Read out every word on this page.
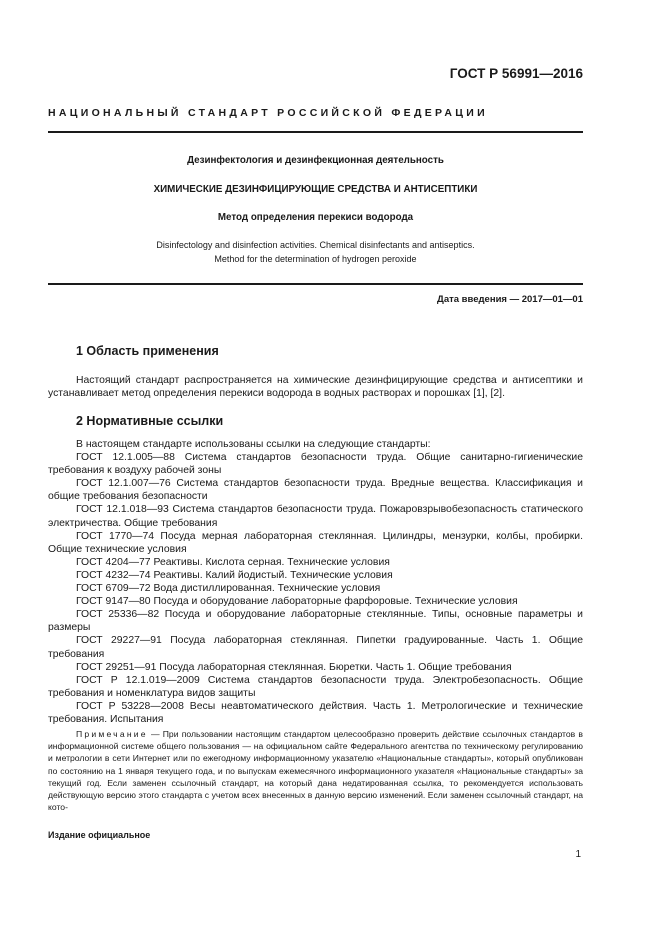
ГОСТ Р 56991—2016
НАЦИОНАЛЬНЫЙ СТАНДАРТ РОССИЙСКОЙ ФЕДЕРАЦИИ
Дезинфектология и дезинфекционная деятельность
ХИМИЧЕСКИЕ ДЕЗИНФИЦИРУЮЩИЕ СРЕДСТВА И АНТИСЕПТИКИ
Метод определения перекиси водорода
Disinfectology and disinfection activities. Chemical disinfectants and antiseptics.
Method for the determination of hydrogen peroxide
Дата введения — 2017—01—01
1 Область применения

Настоящий стандарт распространяется на химические дезинфицирующие средства и антисептики и устанавливает метод определения перекиси водорода в водных растворах и порошках [1], [2].

2 Нормативные ссылки

В настоящем стандарте использованы ссылки на следующие стандарты:

ГОСТ 12.1.005—88 Система стандартов безопасности труда. Общие санитарно-гигиенические требования к воздуху рабочей зоны

ГОСТ 12.1.007—76 Система стандартов безопасности труда. Вредные вещества. Классификация и общие требования безопасности

ГОСТ 12.1.018—93 Система стандартов безопасности труда. Пожаровзрывобезопасность статического электричества. Общие требования

ГОСТ 1770—74 Посуда мерная лабораторная стеклянная. Цилиндры, мензурки, колбы, пробирки. Общие технические условия

ГОСТ 4204—77 Реактивы. Кислота серная. Технические условия

ГОСТ 4232—74 Реактивы. Калий йодистый. Технические условия

ГОСТ 6709—72 Вода дистиллированная. Технические условия

ГОСТ 9147—80 Посуда и оборудование лабораторные фарфоровые. Технические условия

ГОСТ 25336—82 Посуда и оборудование лабораторные стеклянные. Типы, основные параметры и размеры

ГОСТ 29227—91 Посуда лабораторная стеклянная. Пипетки градуированные. Часть 1. Общие требования

ГОСТ 29251—91 Посуда лабораторная стеклянная. Бюретки. Часть 1. Общие требования

ГОСТ Р 12.1.019—2009 Система стандартов безопасности труда. Электробезопасность. Общие требования и номенклатура видов защиты

ГОСТ Р 53228—2008 Весы неавтоматического действия. Часть 1. Метрологические и технические требования. Испытания

Примечание — При пользовании настоящим стандартом целесообразно проверить действие ссылочных стандартов в информационной системе общего пользования — на официальном сайте Федерального агентства по техническому регулированию и метрологии в сети Интернет или по ежегодному информационному указателю «Национальные стандарты», который опубликован по состоянию на 1 января текущего года, и по выпускам ежемесячного информационного указателя «Национальные стандарты» за текущий год. Если заменен ссылочный стандарт, на который дана недатированная ссылка, то рекомендуется использовать действующую версию этого стандарта с учетом всех внесенных в данную версию изменений. Если заменен ссылочный стандарт, на кото-

Издание официальное
1
